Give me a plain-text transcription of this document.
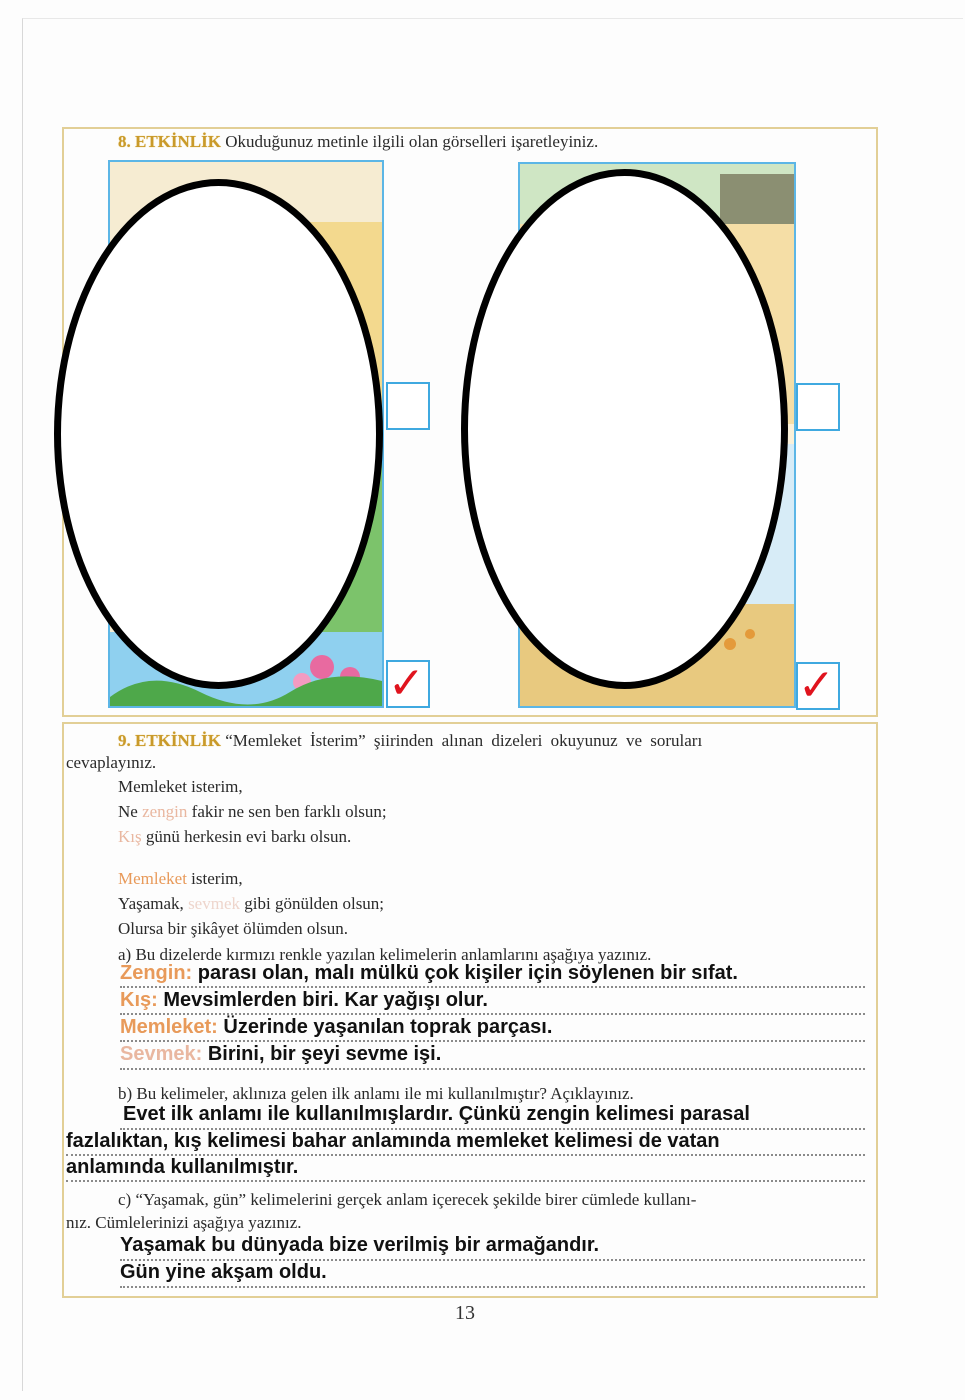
8. ETKİNLİK Okuduğunuz metinle ilgili olan görselleri işaretleyiniz.
✓	✓
9. ETKİNLİK “Memleket İsterim” şiirinden alınan dizeleri okuyunuz ve soruları
cevaplayınız.
Memleket isterim,
Ne zengin fakir ne sen ben farklı olsun;
Kış günü herkesin evi barkı olsun.
Memleket isterim,
Yaşamak, sevmek gibi gönülden olsun;
Olursa bir şikâyet ölümden olsun.
a) Bu dizelerde kırmızı renkle yazılan kelimelerin anlamlarını aşağıya yazınız.
Zengin: parası olan, malı mülkü çok kişiler için söylenen bir sıfat.
Kış: Mevsimlerden biri. Kar yağışı olur.
Memleket: Üzerinde yaşanılan toprak parçası.
Sevmek: Birini, bir şeyi sevme işi.
b) Bu kelimeler, aklınıza gelen ilk anlamı ile mi kullanılmıştır? Açıklayınız.
Evet ilk anlamı ile kullanılmışlardır. Çünkü zengin kelimesi parasal
fazlalıktan, kış kelimesi bahar anlamında memleket kelimesi de vatan
anlamında kullanılmıştır.
c) “Yaşamak, gün” kelimelerini gerçek anlam içerecek şekilde birer cümlede kullanı-
nız. Cümlelerinizi aşağıya yazınız.
Yaşamak bu dünyada bize verilmiş bir armağandır.
Gün yine akşam oldu.
13
